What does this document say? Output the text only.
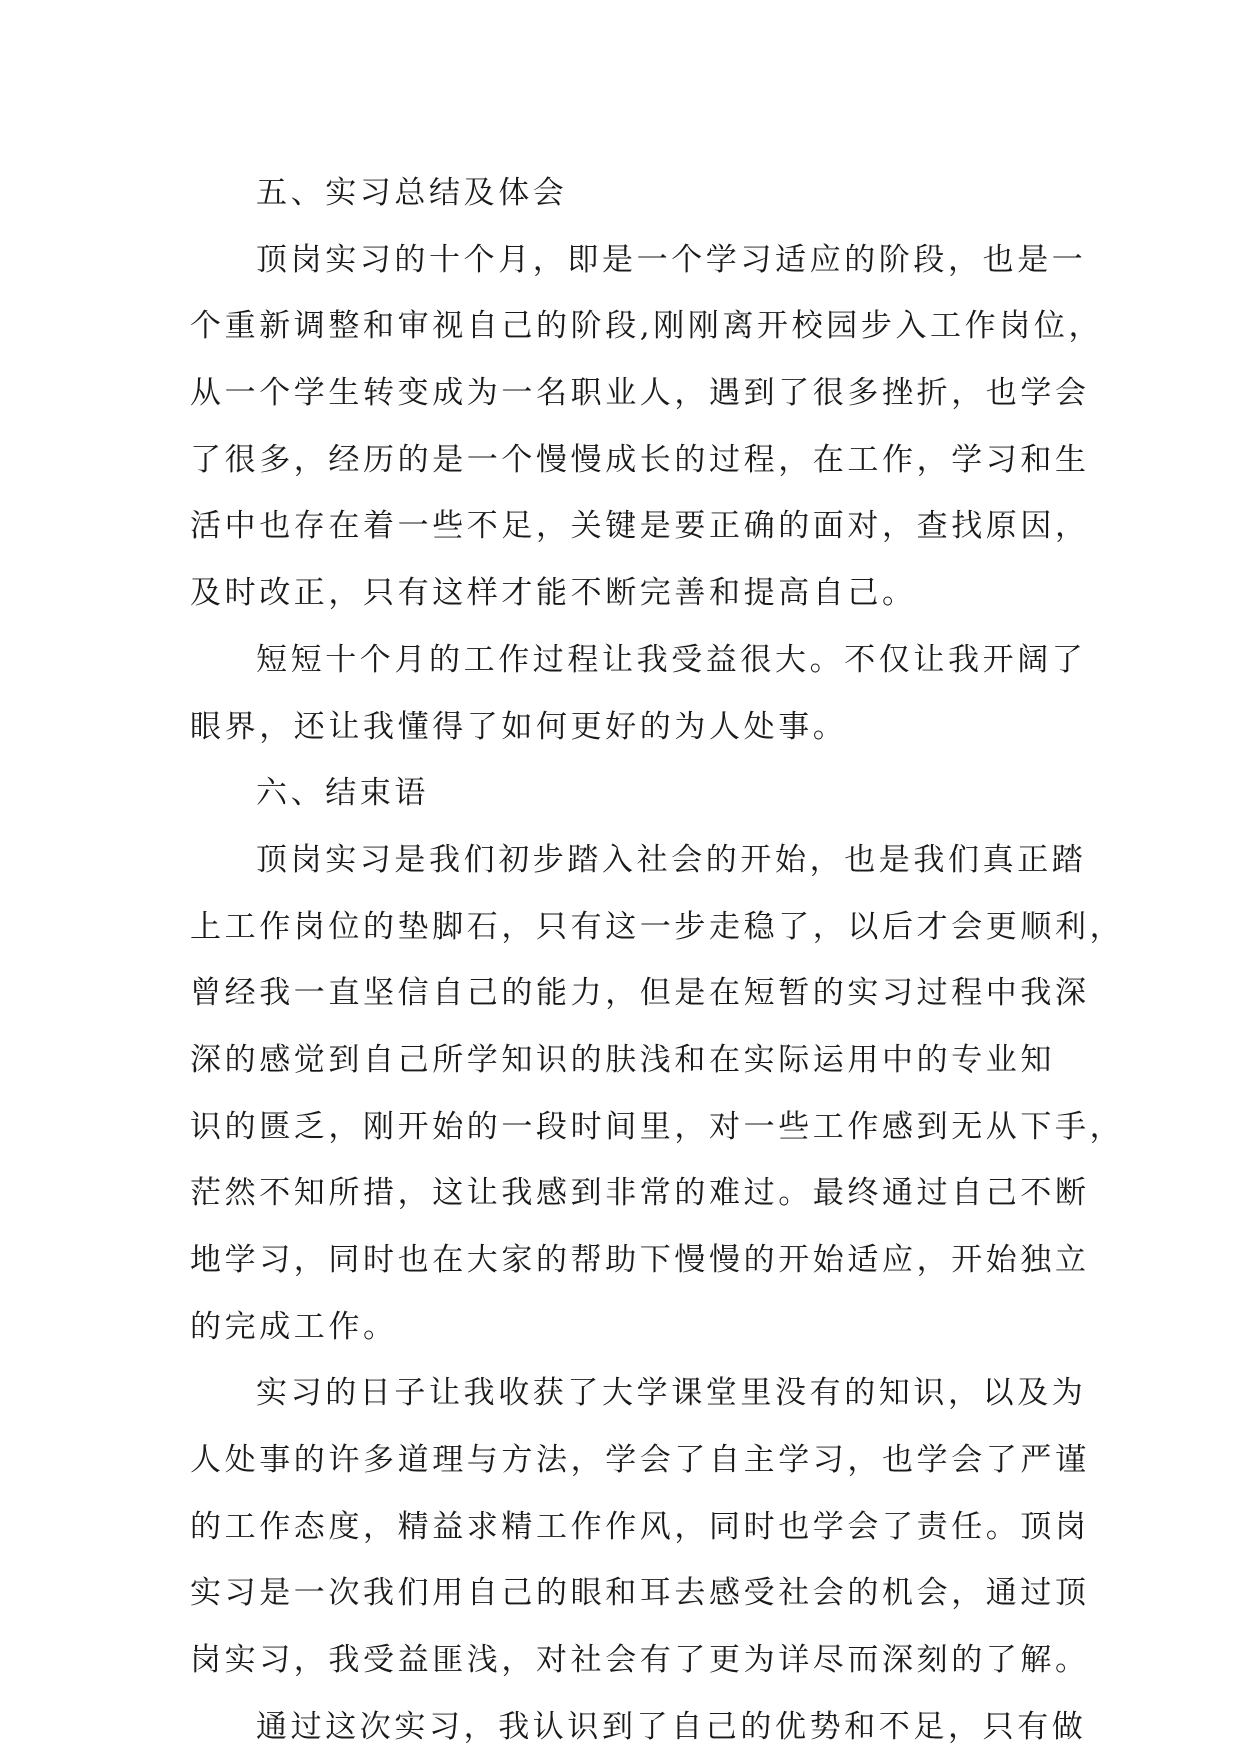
五、实习总结及体会
顶岗实习的十个月，即是一个学习适应的阶段，也是一
个重新调整和审视自己的阶段,刚刚离开校园步入工作岗位，
从一个学生转变成为一名职业人，遇到了很多挫折，也学会
了很多，经历的是一个慢慢成长的过程，在工作，学习和生
活中也存在着一些不足，关键是要正确的面对，查找原因，
及时改正，只有这样才能不断完善和提高自己。
短短十个月的工作过程让我受益很大。不仅让我开阔了
眼界，还让我懂得了如何更好的为人处事。
六、结束语
顶岗实习是我们初步踏入社会的开始，也是我们真正踏
上工作岗位的垫脚石，只有这一步走稳了，以后才会更顺利，
曾经我一直坚信自己的能力，但是在短暂的实习过程中我深
深的感觉到自己所学知识的肤浅和在实际运用中的专业知
识的匮乏，刚开始的一段时间里，对一些工作感到无从下手，
茫然不知所措，这让我感到非常的难过。最终通过自己不断
地学习，同时也在大家的帮助下慢慢的开始适应，开始独立
的完成工作。
实习的日子让我收获了大学课堂里没有的知识，以及为
人处事的许多道理与方法，学会了自主学习，也学会了严谨
的工作态度，精益求精工作作风，同时也学会了责任。顶岗
实习是一次我们用自己的眼和耳去感受社会的机会，通过顶
岗实习，我受益匪浅，对社会有了更为详尽而深刻的了解。
通过这次实习，我认识到了自己的优势和不足，只有做
